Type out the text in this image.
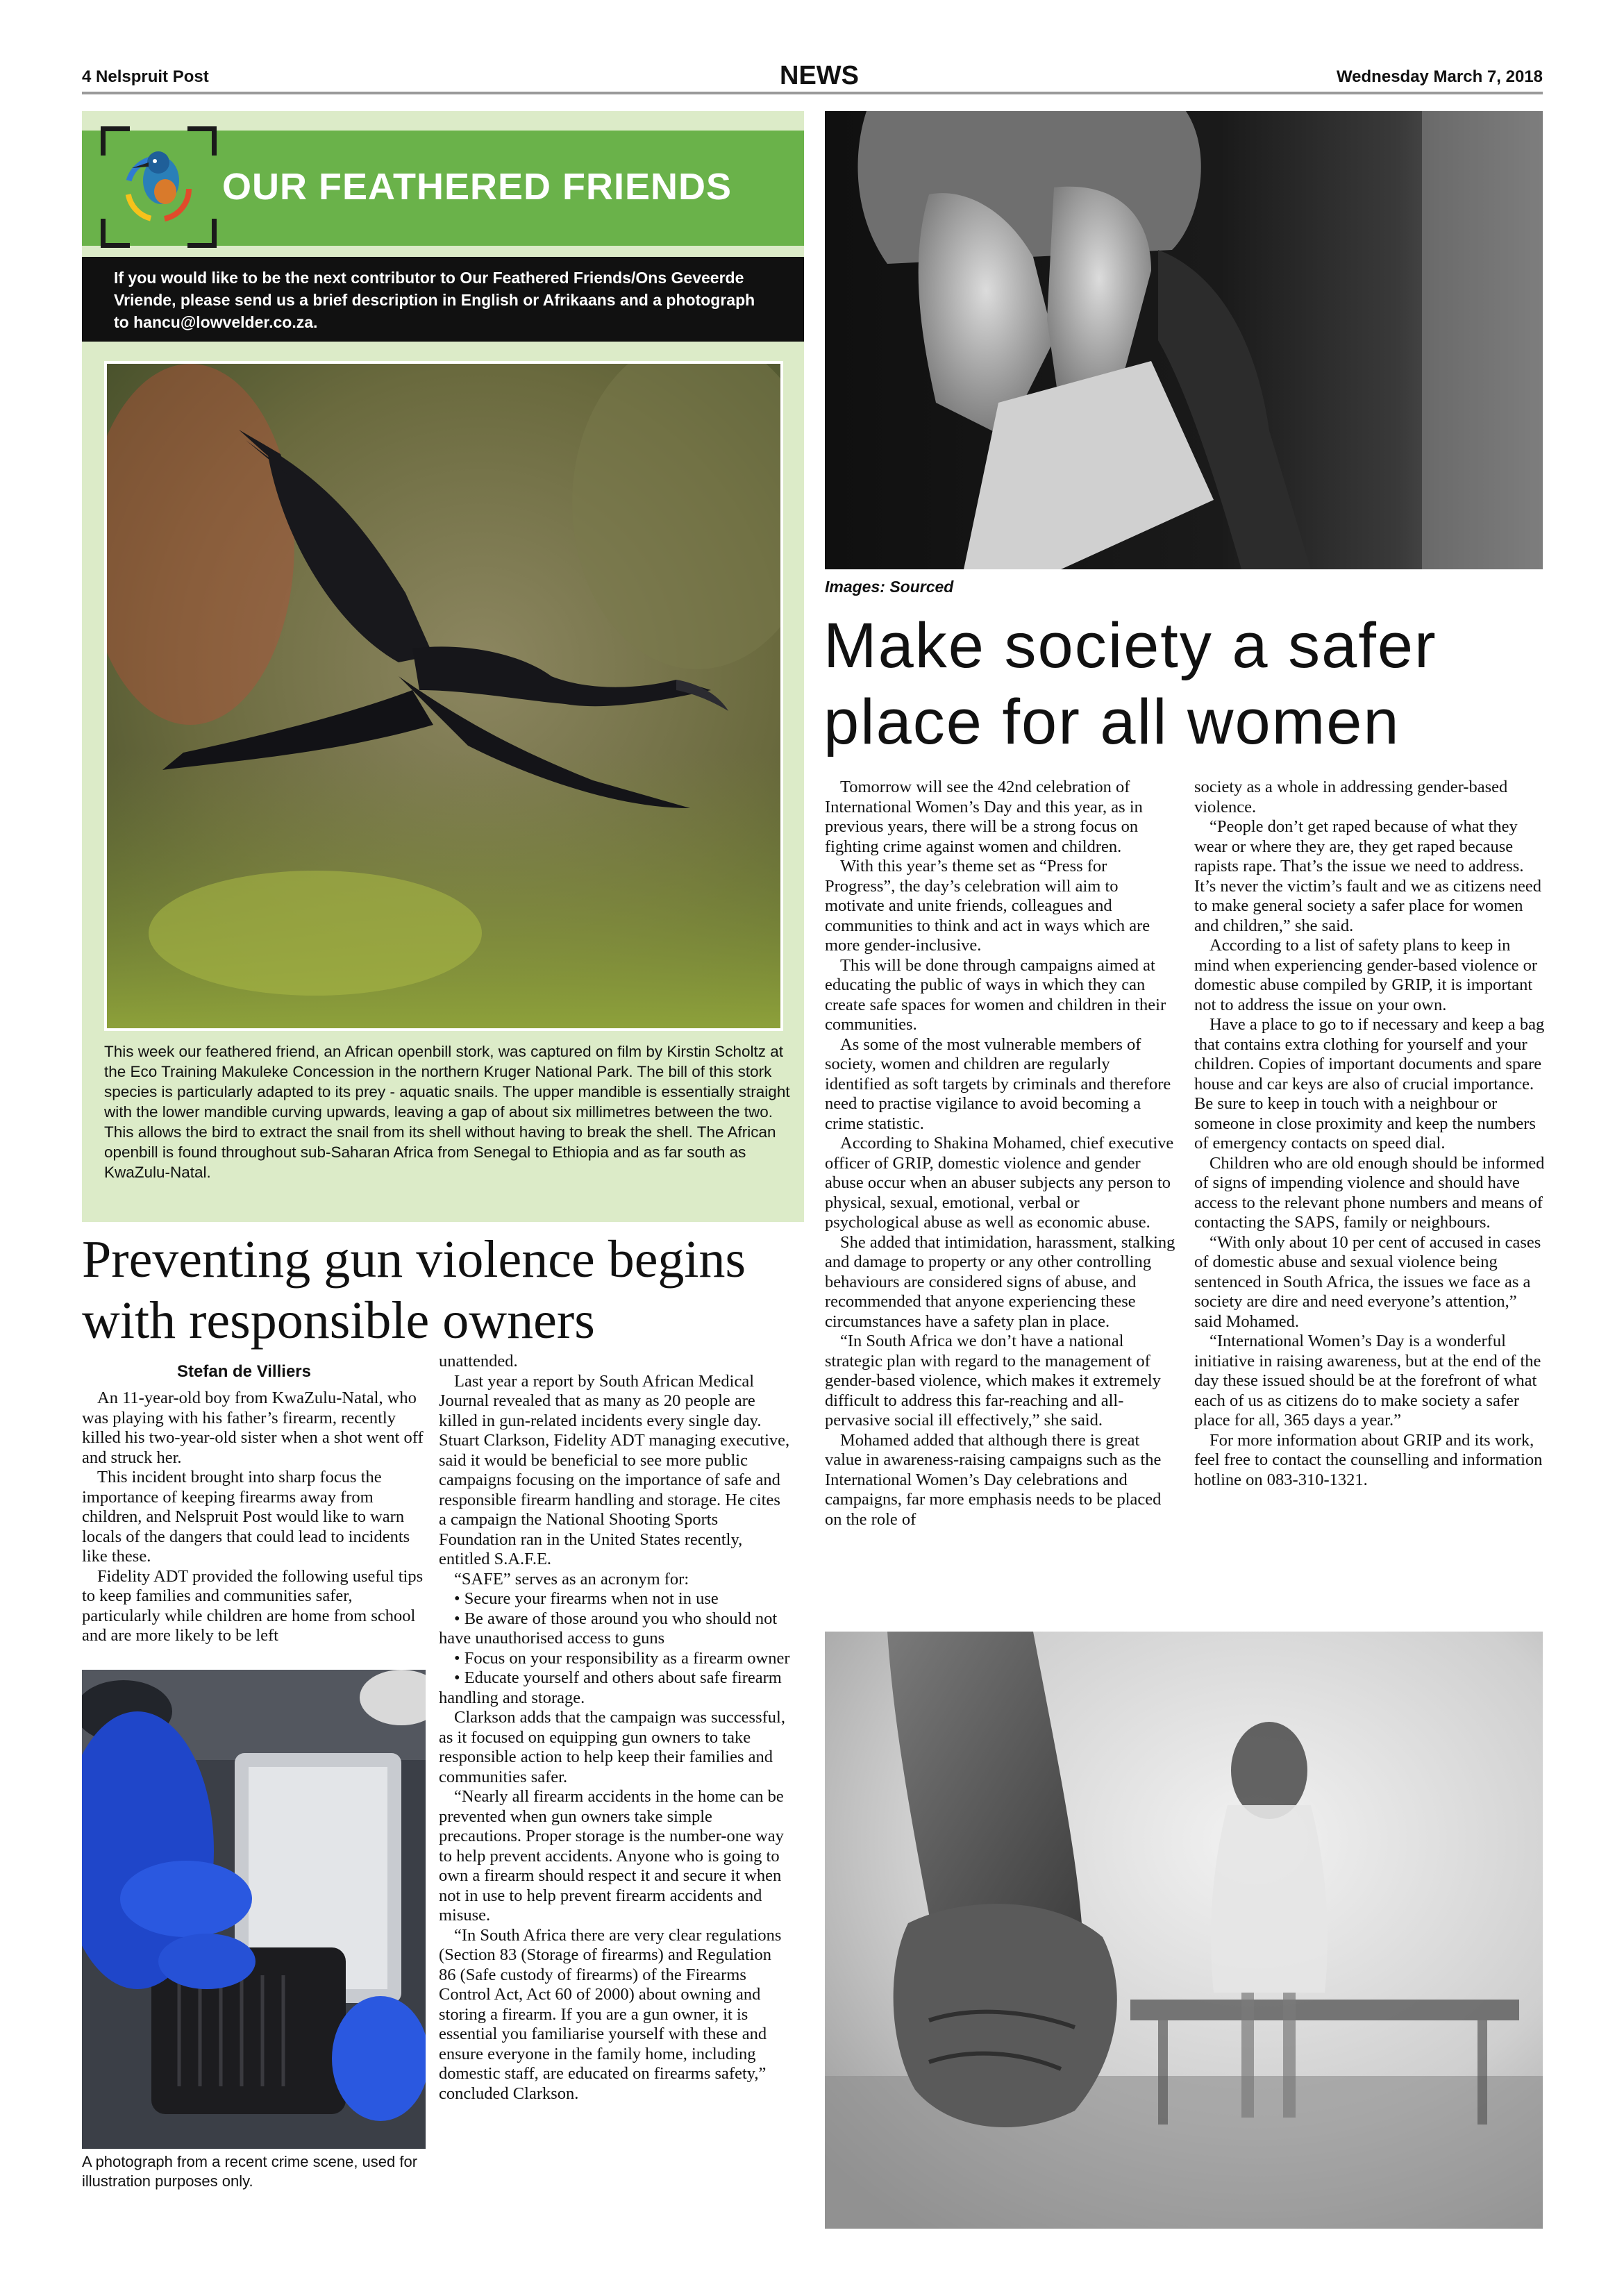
4 Nelspruit Post	NEWS	Wednesday March 7, 2018
OUR FEATHERED FRIENDS
If you would like to be the next contributor to Our Feathered Friends/Ons Geveerde Vriende, please send us a brief description in English or Afrikaans and a photograph to hancu@lowvelder.co.za.
This week our feathered friend, an African openbill stork, was captured on film by Kirstin Scholtz at the Eco Training Makuleke Concession in the northern Kruger National Park. The bill of this stork species is particularly adapted to its prey - aquatic snails. The upper mandible is essentially straight with the lower mandible curving upwards, leaving a gap of about six millimetres between the two. This allows the bird to extract the snail from its shell without having to break the shell. The African openbill is found throughout sub-Saharan Africa from Senegal to Ethiopia and as far south as KwaZulu-Natal.
Preventing gun violence begins with responsible owners
Stefan de Villiers

An 11-year-old boy from KwaZulu-Natal, who was playing with his father’s firearm, recently killed his two-year-old sister when a shot went off and struck her.

This incident brought into sharp focus the importance of keeping firearms away from children, and Nelspruit Post would like to warn locals of the dangers that could lead to incidents like these.

Fidelity ADT provided the following useful tips to keep families and communities safer, particularly while children are home from school and are more likely to be left

A photograph from a recent crime scene, used for illustration purposes only.

unattended.

Last year a report by South African Medical Journal revealed that as many as 20 people are killed in gun-related incidents every single day. Stuart Clarkson, Fidelity ADT managing executive, said it would be beneficial to see more public campaigns focusing on the importance of safe and responsible firearm handling and storage. He cites a campaign the National Shooting Sports Foundation ran in the United States recently, entitled S.A.F.E.

“SAFE” serves as an acronym for:

• Secure your firearms when not in use

• Be aware of those around you who should not have unauthorised access to guns

• Focus on your responsibility as a firearm owner

• Educate yourself and others about safe firearm handling and storage.

Clarkson adds that the campaign was successful, as it focused on equipping gun owners to take responsible action to help keep their families and communities safer.

“Nearly all firearm accidents in the home can be prevented when gun owners take simple precautions. Proper storage is the number-one way to help prevent accidents. Anyone who is going to own a firearm should respect it and secure it when not in use to help prevent firearm accidents and misuse.

“In South Africa there are very clear regulations (Section 83 (Storage of firearms) and Regulation 86 (Safe custody of firearms) of the Firearms Control Act, Act 60 of 2000) about owning and storing a firearm. If you are a gun owner, it is essential you familiarise yourself with these and ensure everyone in the family home, including domestic staff, are educated on firearms safety,” concluded Clarkson.

Images: Sourced
Make society a safer place for all women

Tomorrow will see the 42nd celebration of International Women’s Day and this year, as in previous years, there will be a strong focus on fighting crime against women and children.

With this year’s theme set as “Press for Progress”, the day’s celebration will aim to motivate and unite friends, colleagues and communities to think and act in ways which are more gender-inclusive.

This will be done through campaigns aimed at educating the public of ways in which they can create safe spaces for women and children in their communities.

As some of the most vulnerable members of society, women and children are regularly identified as soft targets by criminals and therefore need to practise vigilance to avoid becoming a crime statistic.

According to Shakina Mohamed, chief executive officer of GRIP, domestic violence and gender abuse occur when an abuser subjects any person to physical, sexual, emotional, verbal or psychological abuse as well as economic abuse.

She added that intimidation, harassment, stalking and damage to property or any other controlling behaviours are considered signs of abuse, and recommended that anyone experiencing these circumstances have a safety plan in place.

“In South Africa we don’t have a national strategic plan with regard to the management of gender-based violence, which makes it extremely difficult to address this far-reaching and all-pervasive social ill effectively,” she said.

Mohamed added that although there is great value in awareness-raising campaigns such as the International Women’s Day celebrations and campaigns, far more emphasis needs to be placed on the role of

society as a whole in addressing gender-based violence.

“People don’t get raped because of what they wear or where they are, they get raped because rapists rape. That’s the issue we need to address. It’s never the victim’s fault and we as citizens need to make general society a safer place for women and children,” she said.

According to a list of safety plans to keep in mind when experiencing gender-based violence or domestic abuse compiled by GRIP, it is important not to address the issue on your own.

Have a place to go to if necessary and keep a bag that contains extra clothing for yourself and your children. Copies of important documents and spare house and car keys are also of crucial importance. Be sure to keep in touch with a neighbour or someone in close proximity and keep the numbers of emergency contacts on speed dial.

Children who are old enough should be informed of signs of impending violence and should have access to the relevant phone numbers and means of contacting the SAPS, family or neighbours.

“With only about 10 per cent of accused in cases of domestic abuse and sexual violence being sentenced in South Africa, the issues we face as a society are dire and need everyone’s attention,” said Mohamed.

“International Women’s Day is a wonderful initiative in raising awareness, but at the end of the day these issued should be at the forefront of what each of us as citizens do to make society a safer place for all, 365 days a year.”

For more information about GRIP and its work, feel free to contact the counselling and information hotline on 083-310-1321.
